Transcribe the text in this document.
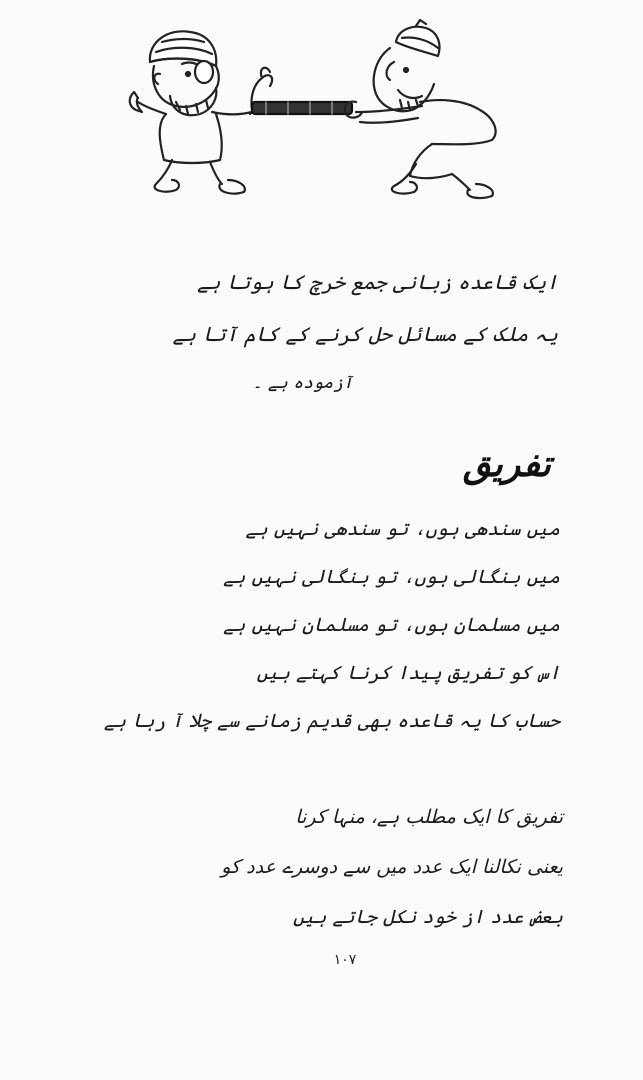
ایک قاعدہ زبانی جمع خرچ کا ہوتا ہے
یہ ملک کے مسائل حل کرنے کے کام آتا ہے
آزمودہ ہے ۔
تفریق
میں سندھی ہوں، تو سندھی نہیں ہے
میں بنگالی ہوں، تو بنگالی نہیں ہے
میں مسلمان ہوں، تو مسلمان نہیں ہے
اس کو تفریق پیدا کرنا کہتے ہیں
حساب کا یہ قاعدہ بھی قدیم زمانے سے چلا آ رہا ہے
تفریق کا ایک مطلب ہے، منہا کرنا
یعنی نکالنا ایک عدد میں سے دوسرے عدد کو
بعض عدد از خود نکل جاتے ہیں
۱۰۷
